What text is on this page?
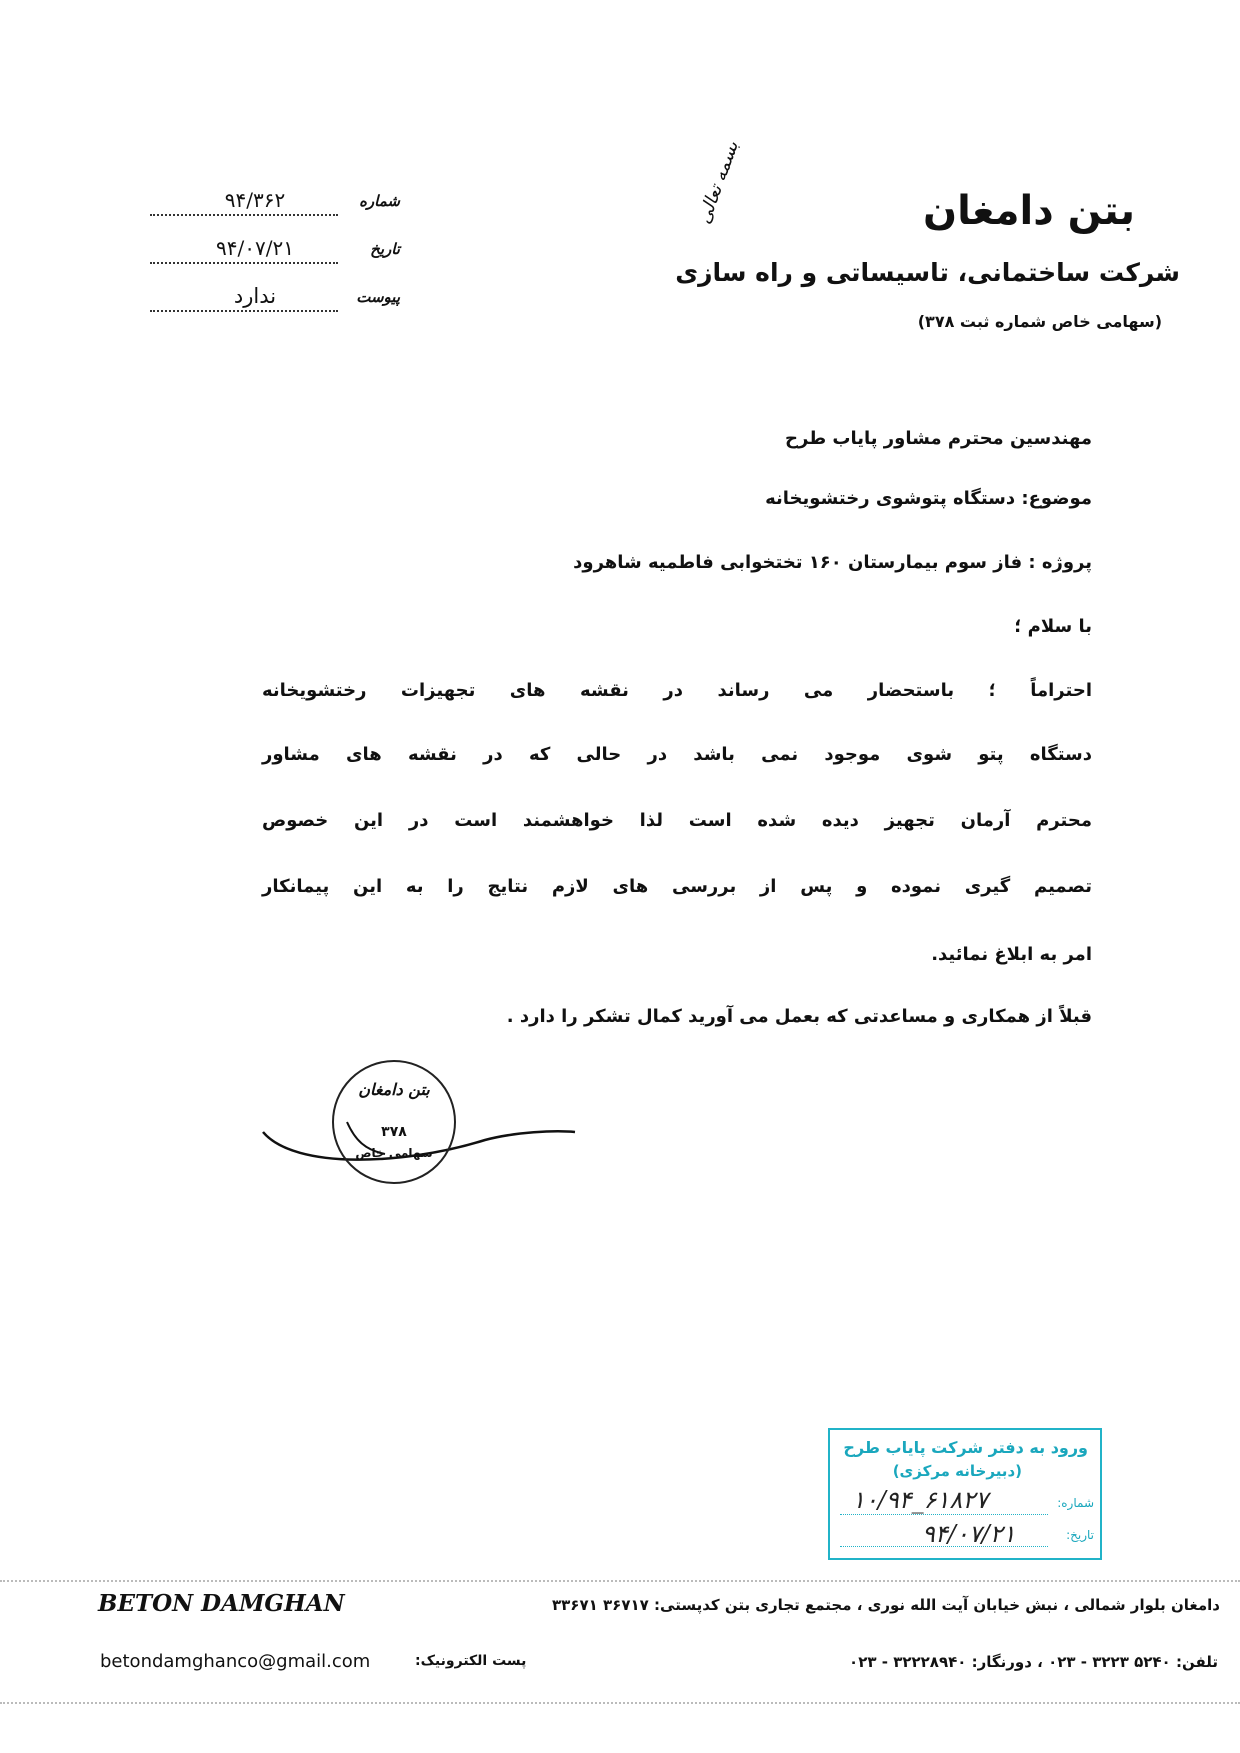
شماره
۹۴/۳۶۲
تاریخ
۹۴/۰۷/۲۱
پیوست
ندارد
بسمه تعالی	بتن دامغان
شرکت ساختمانی، تاسیساتی و راه سازی
(سهامی خاص شماره ثبت ۳۷۸)
مهندسین محترم مشاور پایاب طرح
موضوع: دستگاه پتوشوی رختشویخانه
پروژه : فاز سوم بیمارستان ۱۶۰ تختخوابی فاطمیه شاهرود
با سلام ؛
احتراماً ؛ باستحضار می رساند در نقشه های تجهیزات رختشویخانه
دستگاه پتو شوی موجود نمی باشد در حالی که در نقشه های مشاور
محترم آرمان تجهیز دیده شده است لذا خواهشمند است در این خصوص
تصمیم گیری نموده و پس از بررسی های لازم نتایج را به این پیمانکار
امر به ابلاغ نمائید.
قبلاً از همکاری و مساعدتی که بعمل می آورید کمال تشکر را دارد .
بتن دامغان
۳۷۸
سهامی خاص
ورود به دفتر شرکت پایاب طرح
(دبیرخانه مرکزی)
شماره:
۱۰/۹۴_۶۱۸۲۷
تاریخ:
۹۴/۰۷/۲۱
BETON DAMGHAN	دامغان بلوار شمالی ، نبش خیابان آیت الله نوری ، مجتمع تجاری بتن کدپستی: ۳۶۷۱۷ ۳۳۶۷۱
betondamghanco@gmail.com	پست الکترونیک:	تلفن: ۵۲۴۰ ۳۲۲۳ - ۰۲۳ ، دورنگار: ۳۲۲۲۸۹۴۰ - ۰۲۳
